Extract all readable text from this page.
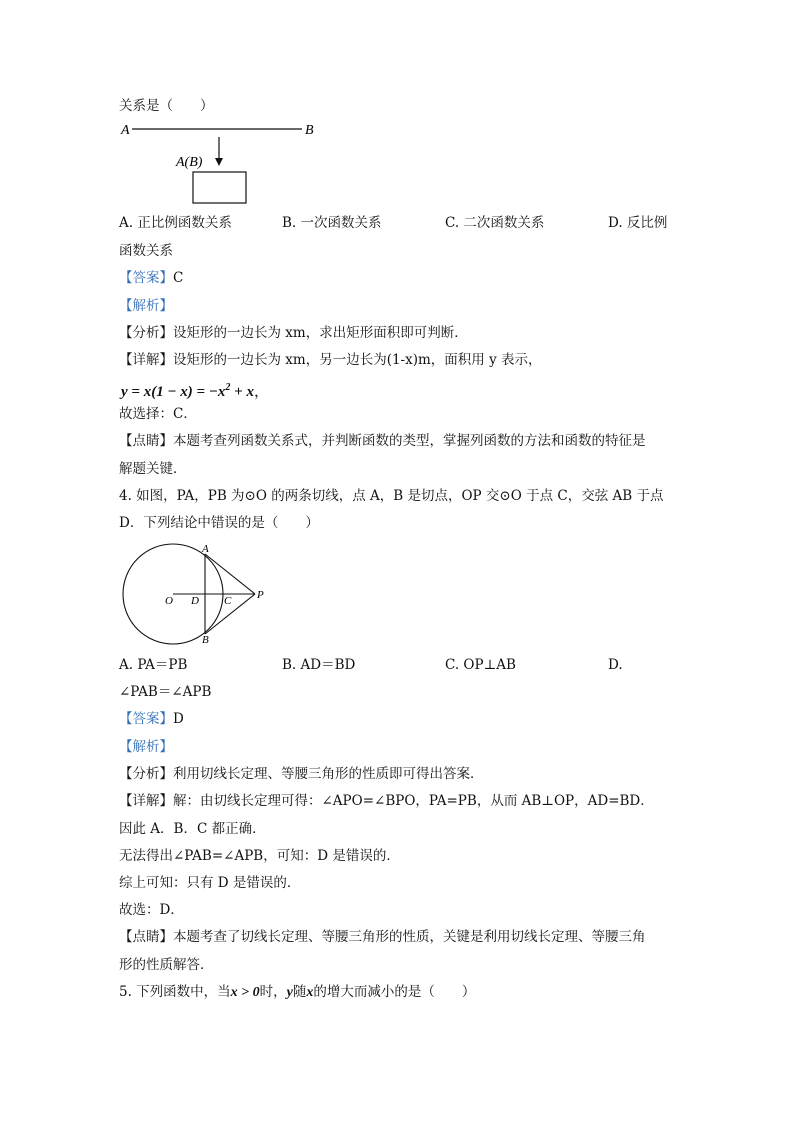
关系是（　　）
A	B
A(B)
A. 正比例函数关系	B. 一次函数关系	C. 二次函数关系	D. 反比例
函数关系
【答案】C
【解析】
【分析】设矩形的一边长为 xm，求出矩形面积即可判断．
【详解】设矩形的一边长为 xm，另一边长为(1-x)m，面积用 y 表示，
$y = x(1 - x) = -x^2 + x$，
故选择：C．
【点睛】本题考查列函数关系式，并判断函数的类型，掌握列函数的方法和函数的特征是
解题关键．
4. 如图，PA，PB 为⊙O 的两条切线，点 A，B 是切点，OP 交⊙O 于点 C，交弦 AB 于点
D．下列结论中错误的是（　　）
A
B
O D C P
A. PA＝PB	B. AD＝BD	C. OP⊥AB	D.
∠PAB＝∠APB
【答案】D
【解析】
【分析】利用切线长定理、等腰三角形的性质即可得出答案．
【详解】解：由切线长定理可得：∠APO=∠BPO，PA=PB，从而 AB⊥OP，AD=BD．
因此 A．B．C 都正确．
无法得出∠PAB=∠APB，可知：D 是错误的．
综上可知：只有 D 是错误的．
故选：D．
【点睛】本题考查了切线长定理、等腰三角形的性质，关键是利用切线长定理、等腰三角
形的性质解答．
5. 下列函数中，当x > 0时，y随x的增大而减小的是（　　）
